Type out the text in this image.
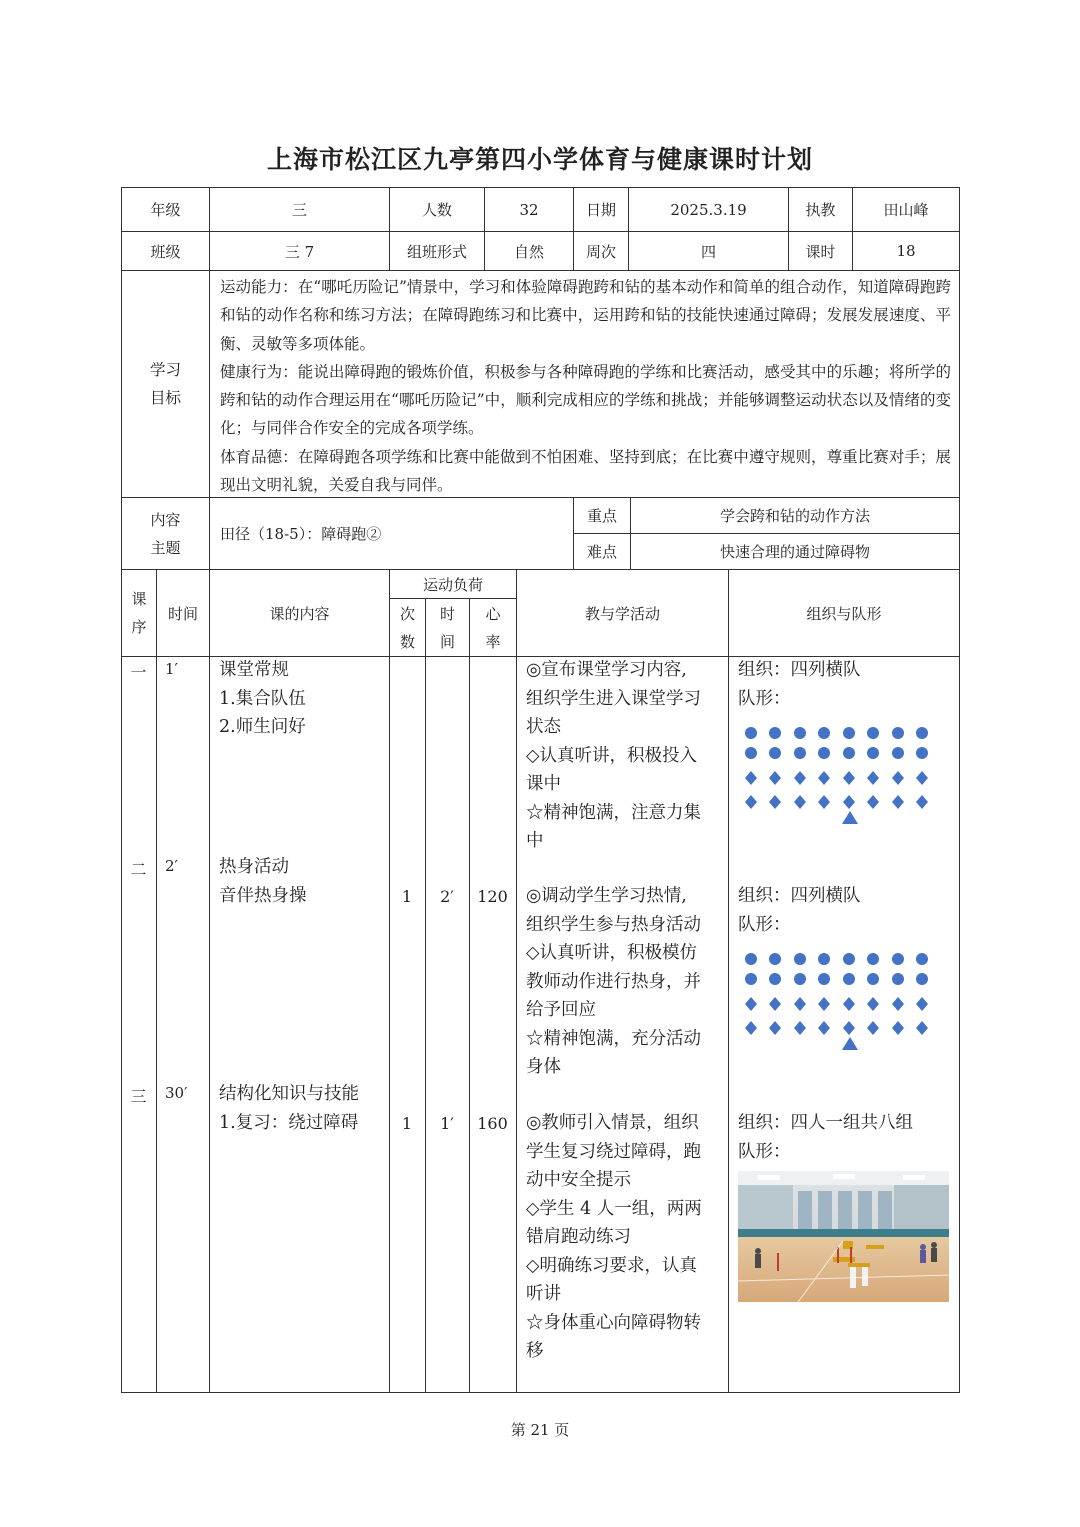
上海市松江区九亭第四小学体育与健康课时计划
年级	三	人数	32	日期	2025.3.19	执教	田山峰
班级	三 7	组班形式	自然	周次	四	课时	18
学习
目标
运动能力：在“哪吒历险记”情景中，学习和体验障碍跑跨和钻的基本动作和简单的组合动作，知道障碍跑跨和钻的动作名称和练习方法；在障碍跑练习和比赛中，运用跨和钻的技能快速通过障碍；发展发展速度、平衡、灵敏等多项体能。
健康行为：能说出障碍跑的锻炼价值，积极参与各种障碍跑的学练和比赛活动，感受其中的乐趣；将所学的跨和钻的动作合理运用在“哪吒历险记”中，顺利完成相应的学练和挑战；并能够调整运动状态以及情绪的变化；与同伴合作安全的完成各项学练。
体育品德：在障碍跑各项学练和比赛中能做到不怕困难、坚持到底；在比赛中遵守规则，尊重比赛对手；展现出文明礼貌，关爱自我与同伴。
内容
主题
田径（18-5）：障碍跑②
重点	学会跨和钻的动作方法
难点	快速合理的通过障碍物
课
序
时间	课的内容
运动负荷
次
数
时
间
心
率
教与学活动	组织与队形
一	1′ 课堂常规
1.集合队伍
2.师生问好
◎宣布课堂学习内容,
组织学生进入课堂学习
状态
◇认真听讲，积极投入
课中
☆精神饱满，注意力集
中
组织：四列横队
队形：
二	2′ 热身活动
音伴热身操	1	2′	120	◎调动学生学习热情,
组织学生参与热身活动
◇认真听讲，积极模仿
教师动作进行热身，并
给予回应
☆精神饱满，充分活动
身体
组织：四列横队
队形：
三	30′ 结构化知识与技能
1.复习：绕过障碍	1	1′	160	◎教师引入情景，组织
学生复习绕过障碍，跑
动中安全提示
◇学生 4 人一组，两两
错肩跑动练习
◇明确练习要求，认真
听讲
☆身体重心向障碍物转
移
组织：四人一组共八组
队形：
第 21 页
